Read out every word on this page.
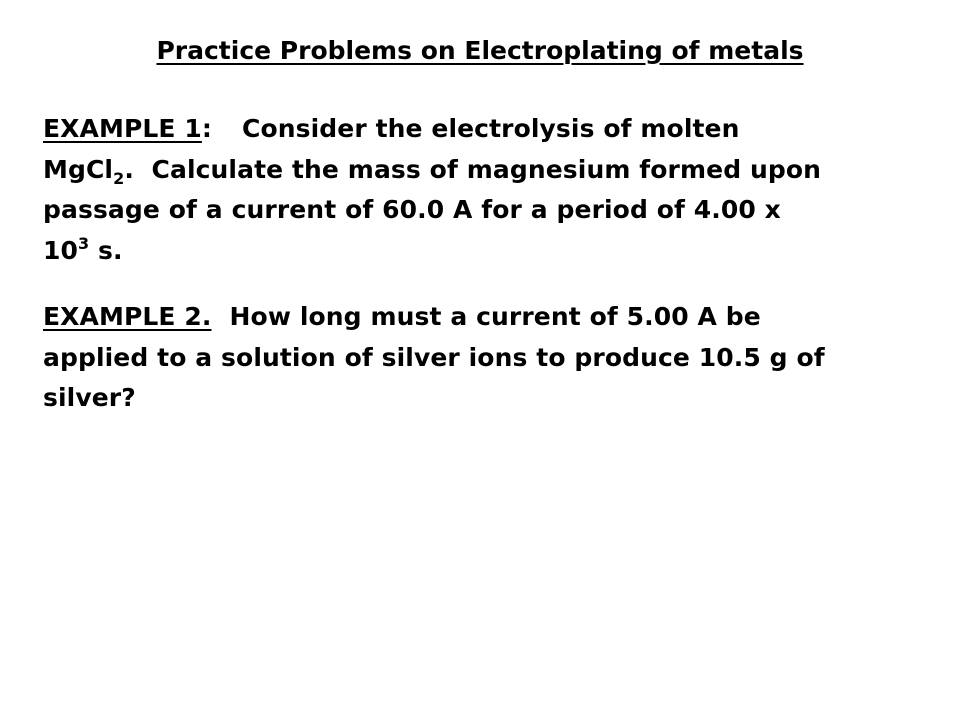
Practice Problems on Electroplating of metals
EXAMPLE 1: Consider the electrolysis of molten
MgCl$_2$.  Calculate the mass of magnesium formed upon
passage of a current of 60.0 A for a period of 4.00 x
$10^3$ s.
EXAMPLE 2. How long must a current of 5.00 A be
applied to a solution of silver ions to produce 10.5 g of
silver?
